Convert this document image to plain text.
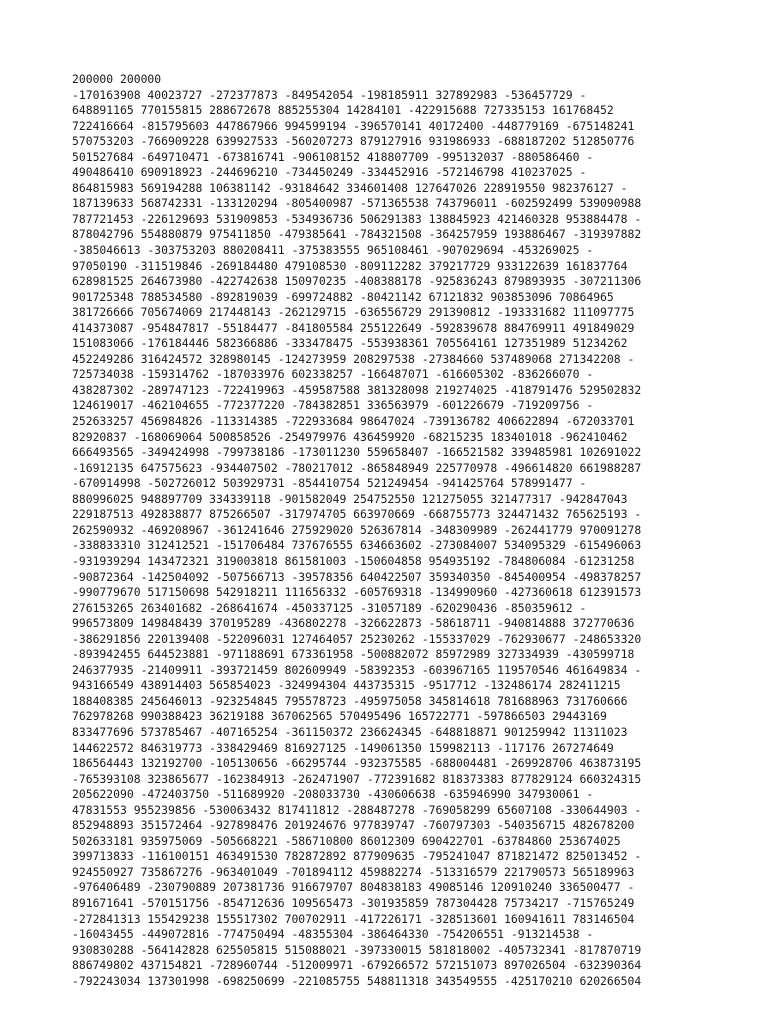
200000 200000
-170163908 40023727 -272377873 -849542054 -198185911 327892983 -536457729 -
648891165 770155815 288672678 885255304 14284101 -422915688 727335153 161768452
722416664 -815795603 447867966 994599194 -396570141 40172400 -448779169 -675148241
570753203 -766909228 639927533 -560207273 879127916 931986933 -688187202 512850776
501527684 -649710471 -673816741 -906108152 418807709 -995132037 -880586460 -
490486410 690918923 -244696210 -734450249 -334452916 -572146798 410237025 -
864815983 569194288 106381142 -93184642 334601408 127647026 228919550 982376127 -
187139633 568742331 -133120294 -805400987 -571365538 743796011 -602592499 539090988
787721453 -226129693 531909853 -534936736 506291383 138845923 421460328 953884478 -
878042796 554880879 975411850 -479385641 -784321508 -364257959 193886467 -319397882
-385046613 -303753203 880208411 -375383555 965108461 -907029694 -453269025 -
97050190 -311519846 -269184480 479108530 -809112282 379217729 933122639 161837764
628981525 264673980 -422742638 150970235 -408388178 -925836243 879893935 -307211306
901725348 788534580 -892819039 -699724882 -80421142 67121832 903853096 70864965
381726666 705674069 217448143 -262129715 -636556729 291390812 -193331682 111097775
414373087 -954847817 -55184477 -841805584 255122649 -592839678 884769911 491849029
151083066 -176184446 582366886 -333478475 -553938361 705564161 127351989 51234262
452249286 316424572 328980145 -124273959 208297538 -27384660 537489068 271342208 -
725734038 -159314762 -187033976 602338257 -166487071 -616605302 -836266070 -
438287302 -289747123 -722419963 -459587588 381328098 219274025 -418791476 529502832
124619017 -462104655 -772377220 -784382851 336563979 -601226679 -719209756 -
252633257 456984826 -113314385 -722933684 98647024 -739136782 406622894 -672033701
82920837 -168069064 500858526 -254979976 436459920 -68215235 183401018 -962410462
666493565 -349424998 -799738186 -173011230 559658407 -166521582 339485981 102691022
-16912135 647575623 -934407502 -780217012 -865848949 225770978 -496614820 661988287
-670914998 -502726012 503929731 -854410754 521249454 -941425764 578991477 -
880996025 948897709 334339118 -901582049 254752550 121275055 321477317 -942847043
229187513 492838877 875266507 -317974705 663970669 -668755773 324471432 765625193 -
262590932 -469208967 -361241646 275929020 526367814 -348309989 -262441779 970091278
-338833310 312412521 -151706484 737676555 634663602 -273084007 534095329 -615496063
-931939294 143472321 319003818 861581003 -150604858 954935192 -784806084 -61231258
-90872364 -142504092 -507566713 -39578356 640422507 359340350 -845400954 -498378257
-990779670 517150698 542918211 111656332 -605769318 -134990960 -427360618 612391573
276153265 263401682 -268641674 -450337125 -31057189 -620290436 -850359612 -
996573809 149848439 370195289 -436802278 -326622873 -58618711 -940814888 372770636
-386291856 220139408 -522096031 127464057 25230262 -155337029 -762930677 -248653320
-893942455 644523881 -971188691 673361958 -500882072 85972989 327334939 -430599718
246377935 -21409911 -393721459 802609949 -58392353 -603967165 119570546 461649834 -
943166549 438914403 565854023 -324994304 443735315 -9517712 -132486174 282411215
188408385 245646013 -923254845 795578723 -495975058 345814618 781688963 731760666
762978268 990388423 36219188 367062565 570495496 165722771 -597866503 29443169
833477696 573785467 -407165254 -361150372 236624345 -648818871 901259942 11311023
144622572 846319773 -338429469 816927125 -149061350 159982113 -117176 267274649
186564443 132192700 -105130656 -66295744 -932375585 -688004481 -269928706 463873195
-765393108 323865677 -162384913 -262471907 -772391682 818373383 877829124 660324315
205622090 -472403750 -511689920 -208033730 -430606638 -635946990 347930061 -
47831553 955239856 -530063432 817411812 -288487278 -769058299 65607108 -330644903 -
852948893 351572464 -927898476 201924676 977839747 -760797303 -540356715 482678200
502633181 935975069 -505668221 -586710800 86012309 690422701 -63784860 253674025
399713833 -116100151 463491530 782872892 877909635 -795241047 871821472 825013452 -
924550927 735867276 -963401049 -701894112 459882274 -513316579 221790573 565189963
-976406489 -230790889 207381736 916679707 804838183 49085146 120910240 336500477 -
891671641 -570151756 -854712636 109565473 -301935859 787304428 75734217 -715765249
-272841313 155429238 155517302 700702911 -417226171 -328513601 160941611 783146504
-16043455 -449072816 -774750494 -48355304 -386464330 -754206551 -913214538 -
930830288 -564142828 625505815 515088021 -397330015 581818002 -405732341 -817870719
886749802 437154821 -728960744 -512009971 -679266572 572151073 897026504 -632390364
-792243034 137301998 -698250699 -221085755 548811318 343549555 -425170210 620266504
